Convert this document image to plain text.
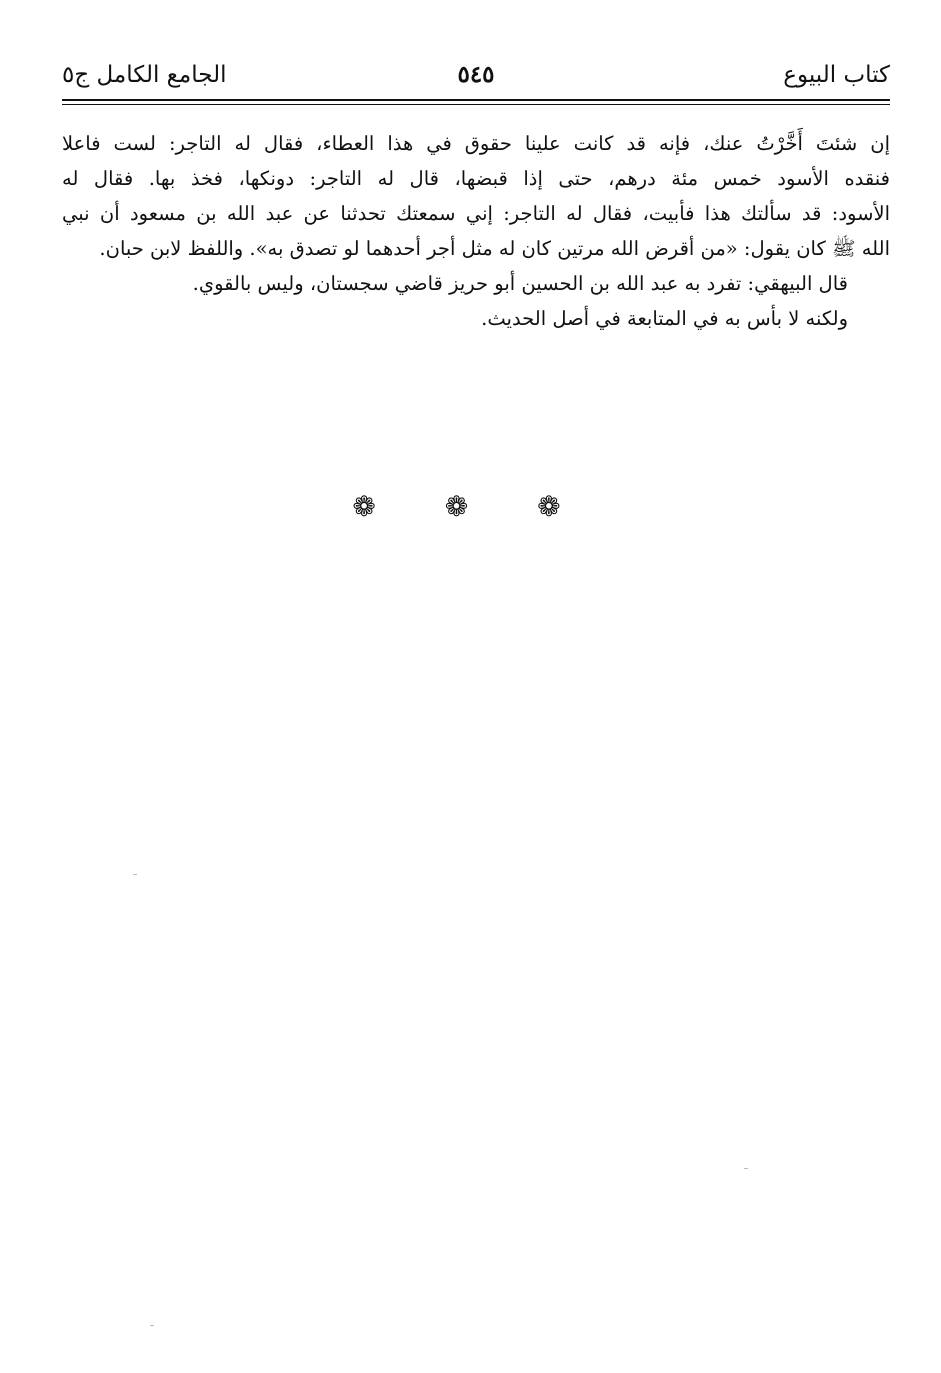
كتاب البيوع
٥٤٥
الجامع الكامل ج٥

إن شئتَ أَخَّرْتُ عنك، فإنه قد كانت علينا حقوق في هذا العطاء، فقال له التاجر: لست فاعلا
فنقده الأسود خمس مئة درهم، حتى إذا قبضها، قال له التاجر: دونكها، فخذ بها. فقال له
الأسود: قد سألتك هذا فأبيت، فقال له التاجر: إني سمعتك تحدثنا عن عبد الله بن مسعود أن نبي
الله ﷺ كان يقول: «من أقرض الله مرتين كان له مثل أجر أحدهما لو تصدق به». واللفظ لابن حبان.

قال البيهقي: تفرد به عبد الله بن الحسين أبو حريز قاضي سجستان، وليس بالقوي.

ولكنه لا بأس به في المتابعة في أصل الحديث.

❁ ❁ ❁
